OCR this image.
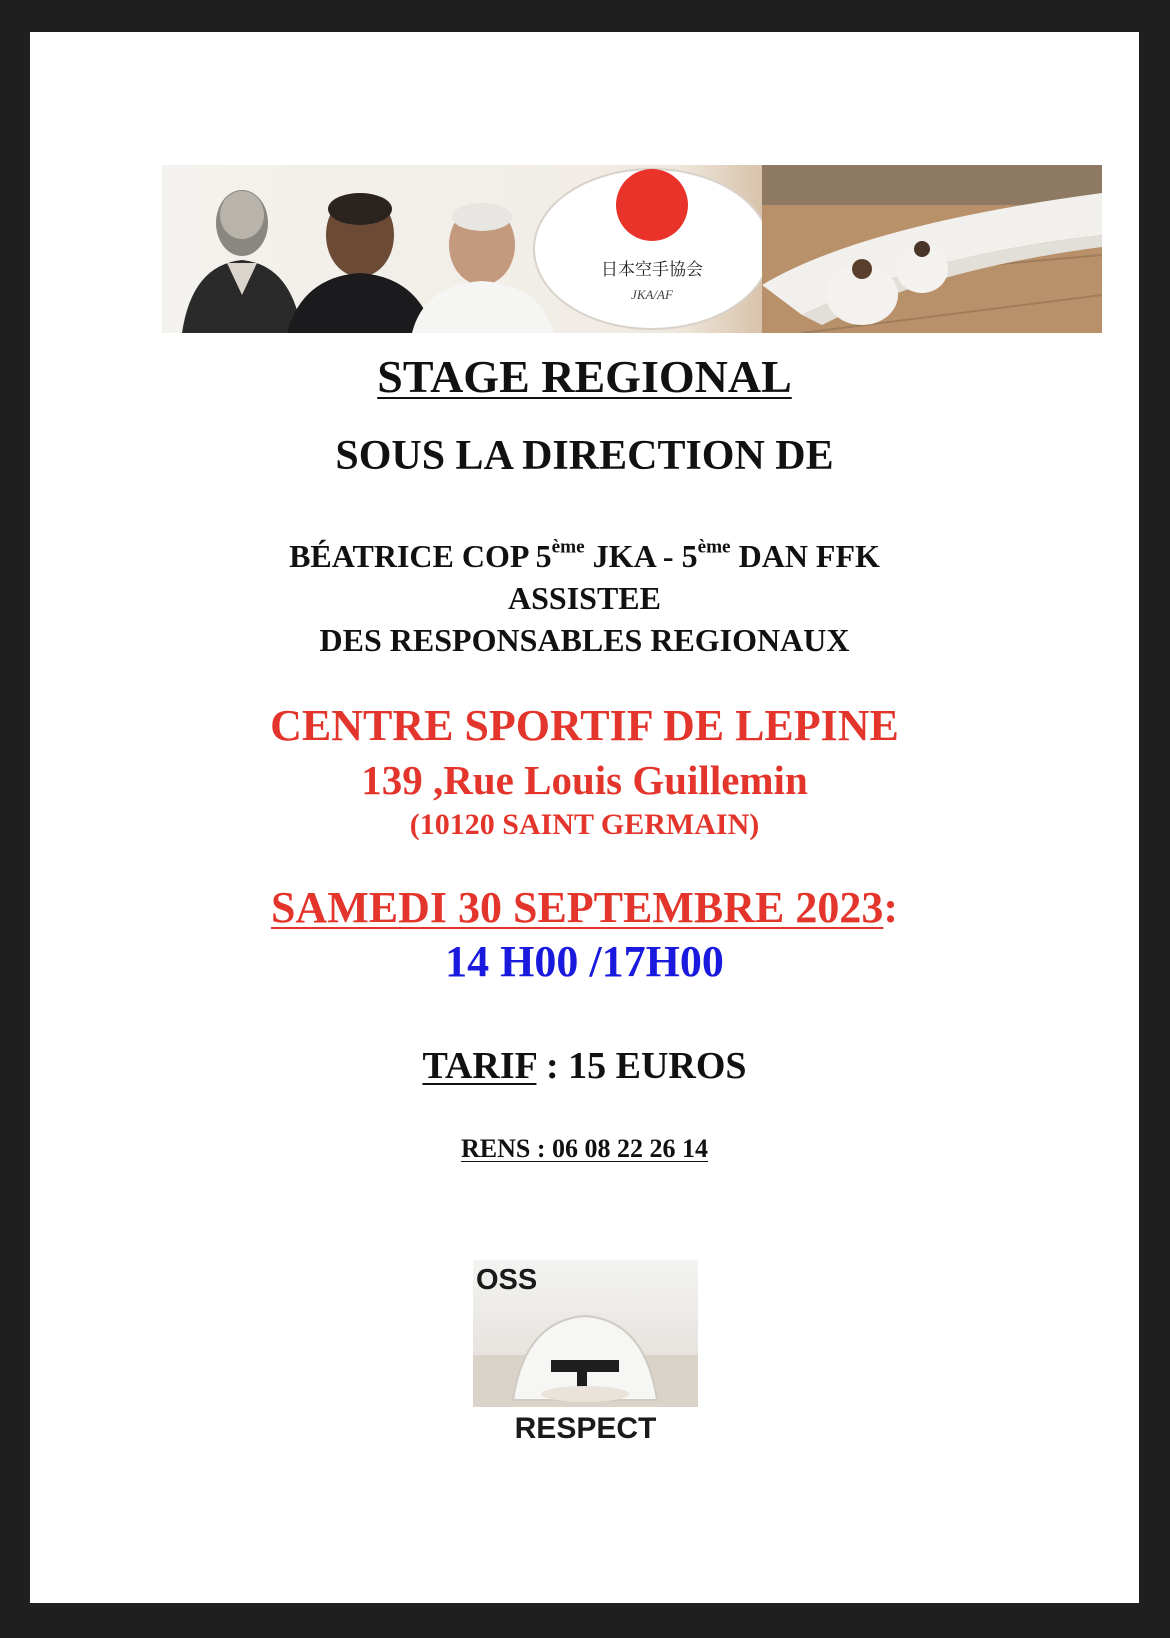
日本空手協会
JKA/AF

STAGE REGIONAL

SOUS LA DIRECTION DE

BÉATRICE COP 5ème JKA - 5ème DAN FFK

ASSISTEE

DES RESPONSABLES REGIONAUX

CENTRE SPORTIF DE LEPINE

139 ,Rue Louis Guillemin

(10120 SAINT GERMAIN)

SAMEDI 30 SEPTEMBRE 2023:

14 H00 /17H00

TARIF : 15 EUROS

RENS : 06 08 22 26 14

OSS
RESPECT
